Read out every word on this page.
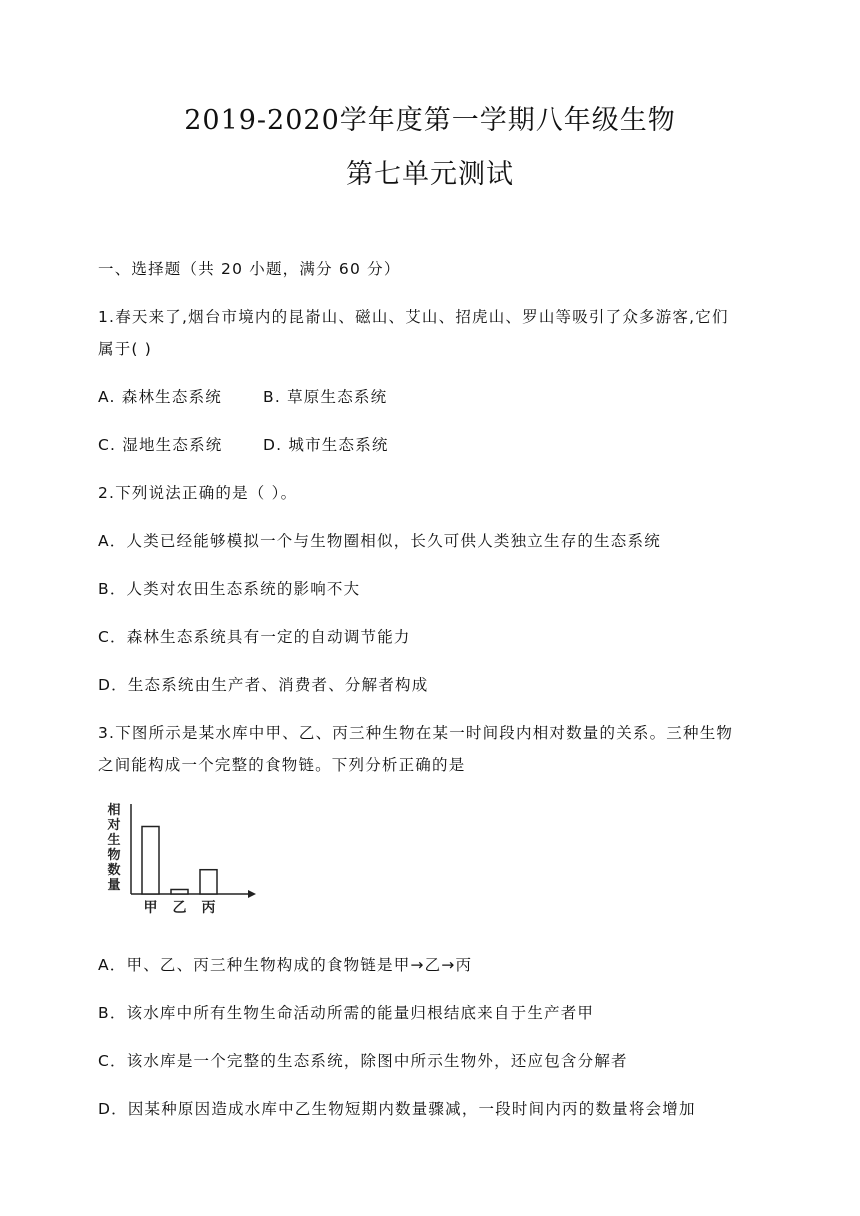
2019-2020学年度第一学期八年级生物
第七单元测试
一、选择题（共 20 小题，满分 60 分）
1.春天来了,烟台市境内的昆嵛山、磁山、艾山、招虎山、罗山等吸引了众多游客,它们
属于( )
A. 森林生态系统	B. 草原生态系统
C. 湿地生态系统	D. 城市生态系统
2.下列说法正确的是（ ）。
A．人类已经能够模拟一个与生物圈相似，长久可供人类独立生存的生态系统
B．人类对农田生态系统的影响不大
C．森林生态系统具有一定的自动调节能力
D．生态系统由生产者、消费者、分解者构成
3.下图所示是某水库中甲、乙、丙三种生物在某一时间段内相对数量的关系。三种生物
之间能构成一个完整的食物链。下列分析正确的是
相
对
生
物
数
量
甲 乙 丙
A．甲、乙、丙三种生物构成的食物链是甲→乙→丙
B．该水库中所有生物生命活动所需的能量归根结底来自于生产者甲
C．该水库是一个完整的生态系统，除图中所示生物外，还应包含分解者
D．因某种原因造成水库中乙生物短期内数量骤减，一段时间内丙的数量将会增加
